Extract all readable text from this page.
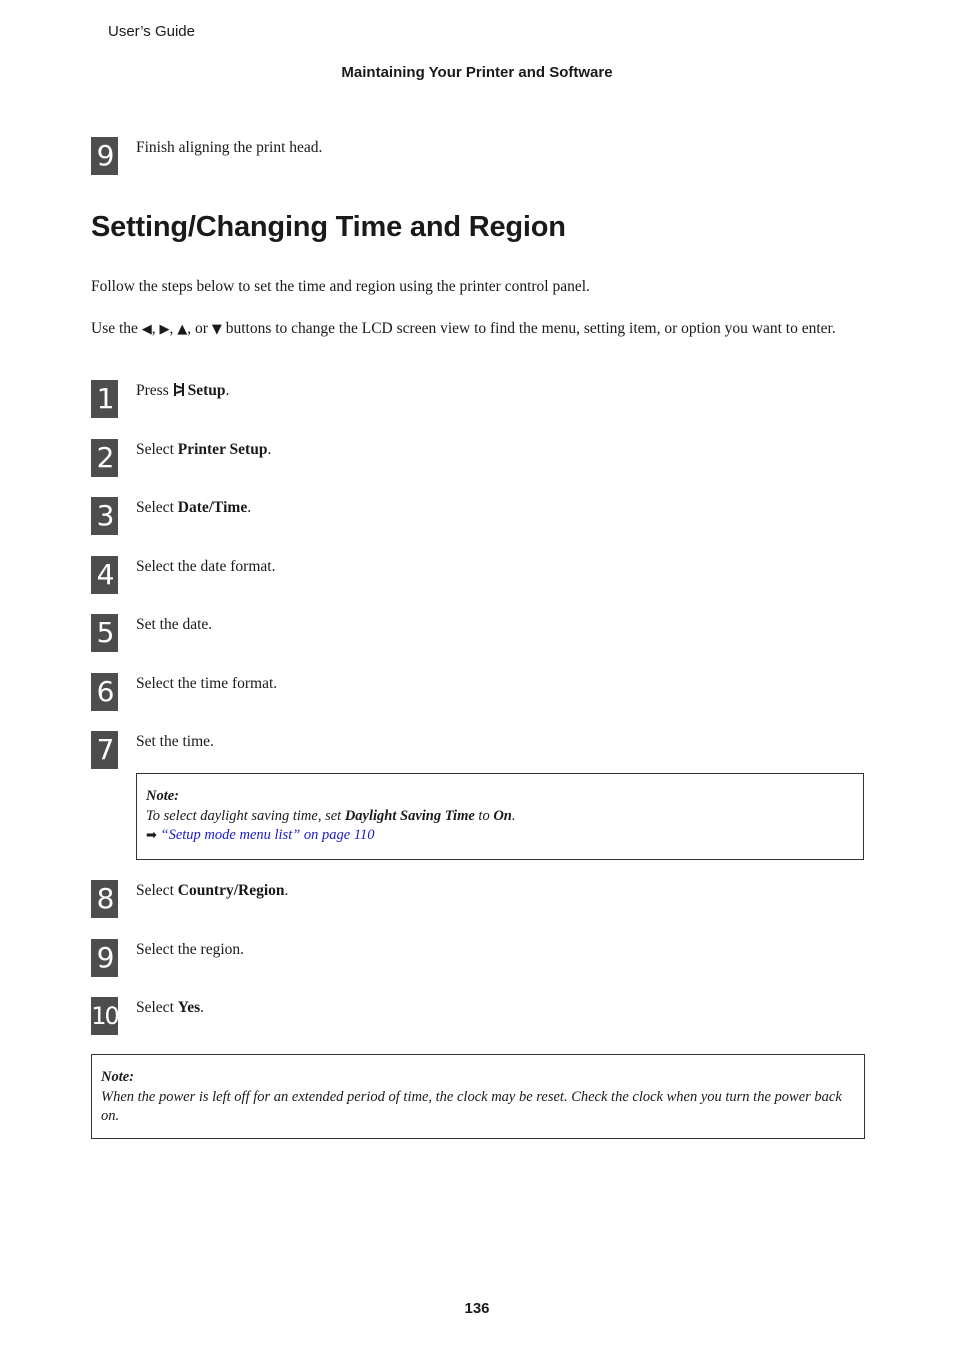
User’s Guide
Maintaining Your Printer and Software
9	Finish aligning the print head.
Setting/Changing Time and Region

Follow the steps below to set the time and region using the printer control panel.

Use the ◀, ▶, ▲, or ▼ buttons to change the LCD screen view to find the menu, setting item, or option you want to enter.

1	Press
Setup.
2	Select Printer Setup.
3	Select Date/Time.
4	Select the date format.
5	Set the date.
6	Select the time format.
7	Set the time.
Note:
To select daylight saving time, set Daylight Saving Time to On.
➡ “Setup mode menu list” on page 110
8	Select Country/Region.
9	Select the region.
10 Select Yes.
Note:
When the power is left off for an extended period of time, the clock may be reset. Check the clock when you turn the power back on.
136
